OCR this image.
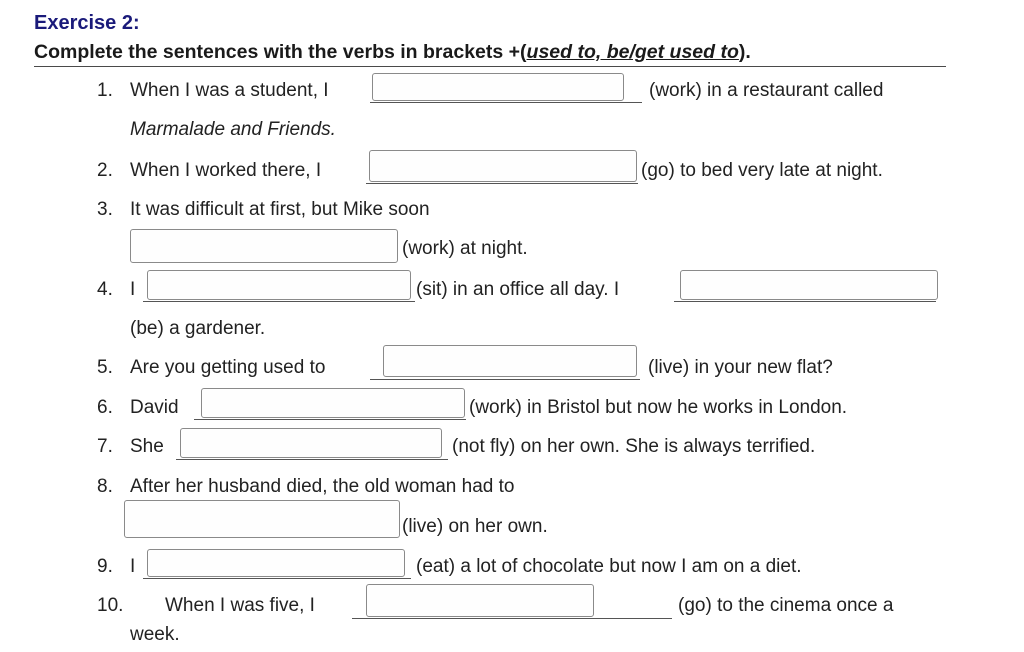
Exercise 2:
Complete the sentences with the verbs in brackets +(used to, be/get used to).
1. When I was a student, I	(work) in a restaurant called
Marmalade and Friends.
2. When I worked there, I	(go) to bed very late at night.
3. It was difficult at first, but Mike soon
(work) at night.
4. I	(sit) in an office all day. I
(be) a gardener.
5. Are you getting used to	(live) in your new flat?
6. David	(work) in Bristol but now he works in London.
7. She	(not fly) on her own. She is always terrified.
8. After her husband died, the old woman had to
(live) on her own.
9. I	(eat) a lot of chocolate but now I am on a diet.
10. When I was five, I	(go) to the cinema once a
week.
